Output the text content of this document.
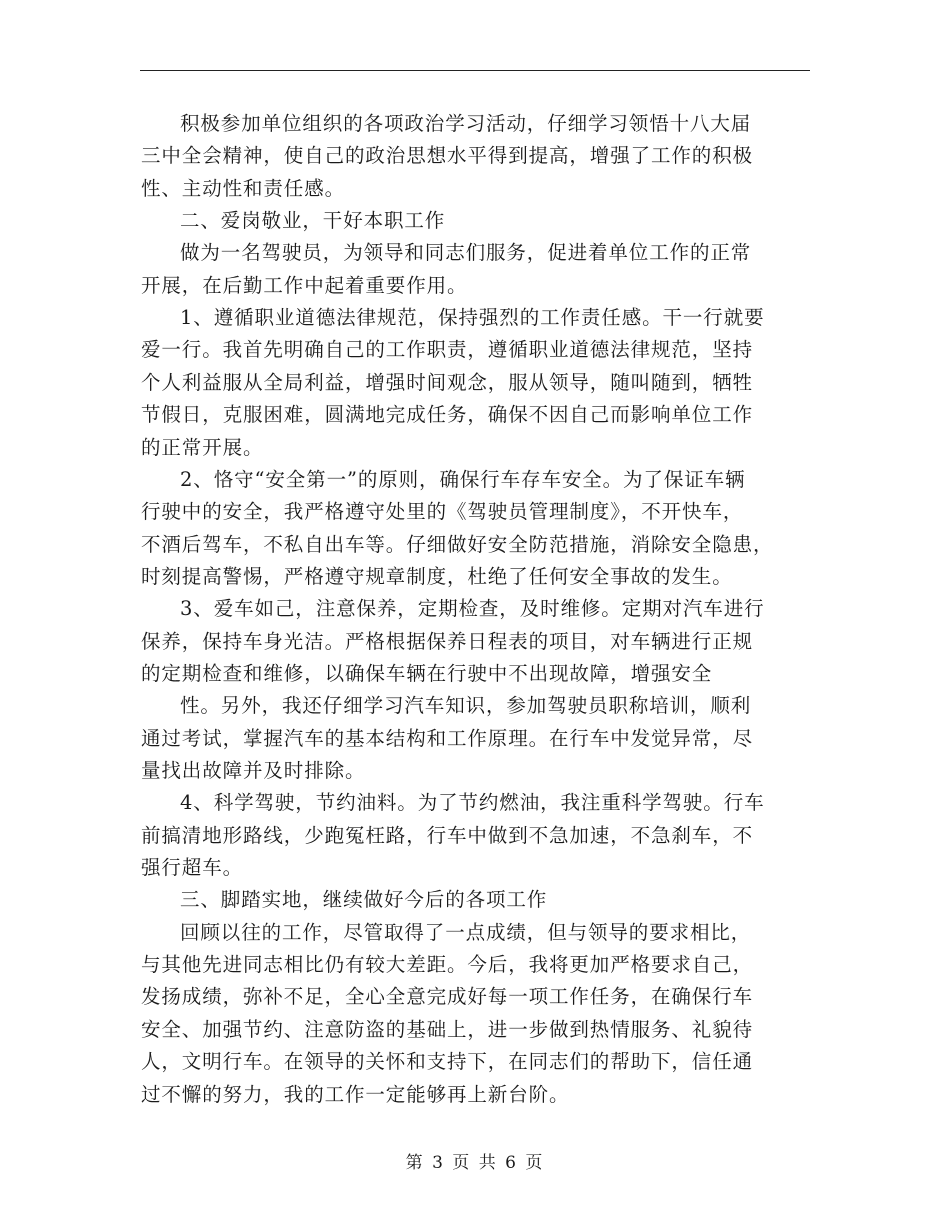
积极参加单位组织的各项政治学习活动，仔细学习领悟十八大届
三中全会精神，使自己的政治思想水平得到提高，增强了工作的积极
性、主动性和责任感。
二、爱岗敬业，干好本职工作
做为一名驾驶员，为领导和同志们服务，促进着单位工作的正常
开展，在后勤工作中起着重要作用。
1、遵循职业道德法律规范，保持强烈的工作责任感。干一行就要
爱一行。我首先明确自己的工作职责，遵循职业道德法律规范，坚持
个人利益服从全局利益，增强时间观念，服从领导，随叫随到，牺牲
节假日，克服困难，圆满地完成任务，确保不因自己而影响单位工作
的正常开展。
2、恪守“安全第一”的原则，确保行车存车安全。为了保证车辆
行驶中的安全，我严格遵守处里的《驾驶员管理制度》，不开快车，
不酒后驾车，不私自出车等。仔细做好安全防范措施，消除安全隐患，
时刻提高警惕，严格遵守规章制度，杜绝了任何安全事故的发生。
3、爱车如己，注意保养，定期检查，及时维修。定期对汽车进行
保养，保持车身光洁。严格根据保养日程表的项目，对车辆进行正规
的定期检查和维修，以确保车辆在行驶中不出现故障，增强安全
性。另外，我还仔细学习汽车知识，参加驾驶员职称培训，顺利
通过考试，掌握汽车的基本结构和工作原理。在行车中发觉异常，尽
量找出故障并及时排除。
4、科学驾驶，节约油料。为了节约燃油，我注重科学驾驶。行车
前搞清地形路线，少跑冤枉路，行车中做到不急加速，不急刹车，不
强行超车。
三、脚踏实地，继续做好今后的各项工作
回顾以往的工作，尽管取得了一点成绩，但与领导的要求相比，
与其他先进同志相比仍有较大差距。今后，我将更加严格要求自己，
发扬成绩，弥补不足，全心全意完成好每一项工作任务，在确保行车
安全、加强节约、注意防盗的基础上，进一步做到热情服务、礼貌待
人，文明行车。在领导的关怀和支持下，在同志们的帮助下，信任通
过不懈的努力，我的工作一定能够再上新台阶。
第 3 页 共 6 页
